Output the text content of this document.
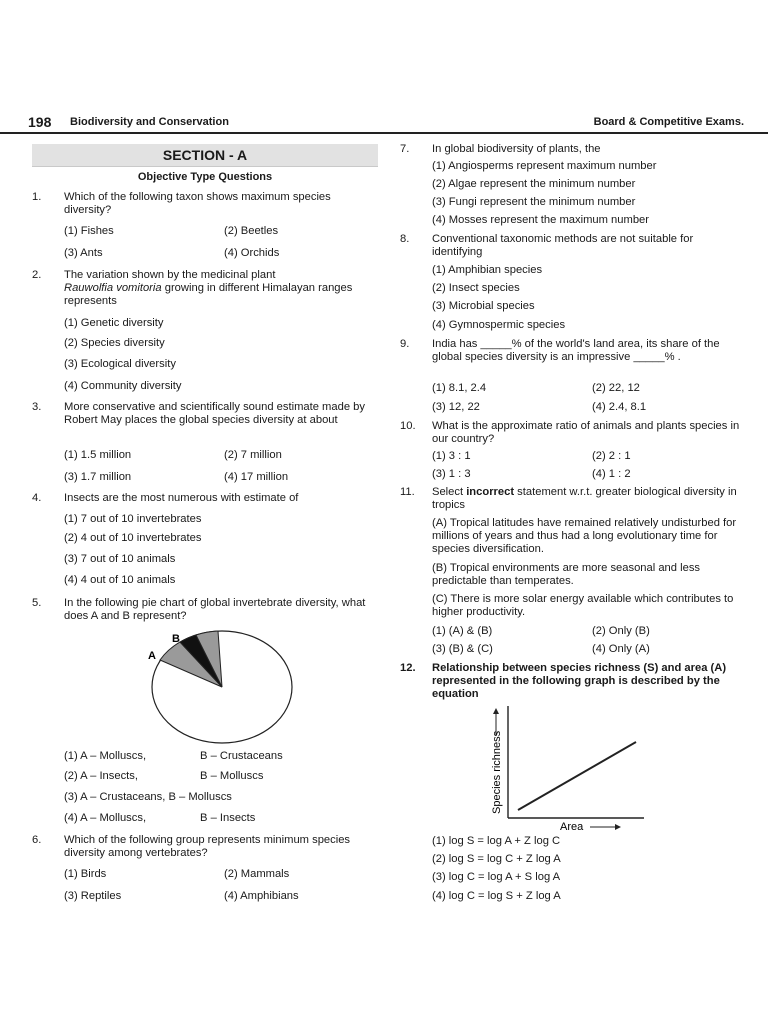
198 Biodiversity and Conservation	Board & Competitive Exams.
SECTION - A
Objective Type Questions
1.	Which of the following taxon shows maximum species diversity?
(1) Fishes	(2) Beetles
(3) Ants	(4) Orchids
2.	The variation shown by the medicinal plant
Rauwolfia vomitoria growing in different Himalayan ranges represents
(1) Genetic diversity
(2) Species diversity
(3) Ecological diversity
(4) Community diversity
3.	More conservative and scientifically sound estimate made by Robert May places the global species diversity at about
(1) 1.5 million	(2) 7 million
(3) 1.7 million	(4) 17 million
4.	Insects are the most numerous with estimate of
(1) 7 out of 10 invertebrates
(2) 4 out of 10 invertebrates
(3) 7 out of 10 animals
(4) 4 out of 10 animals
5.	In the following pie chart of global invertebrate diversity, what does A and B represent?
A
B
(1) A – Molluscs,	B – Crustaceans
(2) A – Insects,	B – Molluscs
(3) A – Crustaceans, B – Molluscs
(4) A – Molluscs,	B – Insects
6.	Which of the following group represents minimum species diversity among vertebrates?
(1) Birds	(2) Mammals
(3) Reptiles	(4) Amphibians
7.	In global biodiversity of plants, the
(1) Angiosperms represent maximum number
(2) Algae represent the minimum number
(3) Fungi represent the minimum number
(4) Mosses represent the maximum number
8.	Conventional taxonomic methods are not suitable for identifying
(1) Amphibian species
(2) Insect species
(3) Microbial species
(4) Gymnospermic species
9.	India has _____% of the world's land area, its share of the global species diversity is an impressive _____% .
(1) 8.1, 2.4	(2) 22, 12
(3) 12, 22	(4) 2.4, 8.1
10.	What is the approximate ratio of animals and plants species in our country?
(1) 3 : 1	(2) 2 : 1
(3) 1 : 3	(4) 1 : 2
11.	Select incorrect statement w.r.t. greater biological diversity in tropics
(A) Tropical latitudes have remained relatively undisturbed for millions of years and thus had a long evolutionary time for species diversification.
(B) Tropical environments are more seasonal and less predictable than temperates.
(C) There is more solar energy available which contributes to higher productivity.
(1) (A) & (B)	(2) Only (B)
(3) (B) & (C)	(4) Only (A)
12.	Relationship between species richness (S) and area (A) represented in the following graph is described by the equation
Species richness
Area
(1) log S = log A + Z log C
(2) log S = log C + Z log A
(3) log C = log A + S log A
(4) log C = log S + Z log A
